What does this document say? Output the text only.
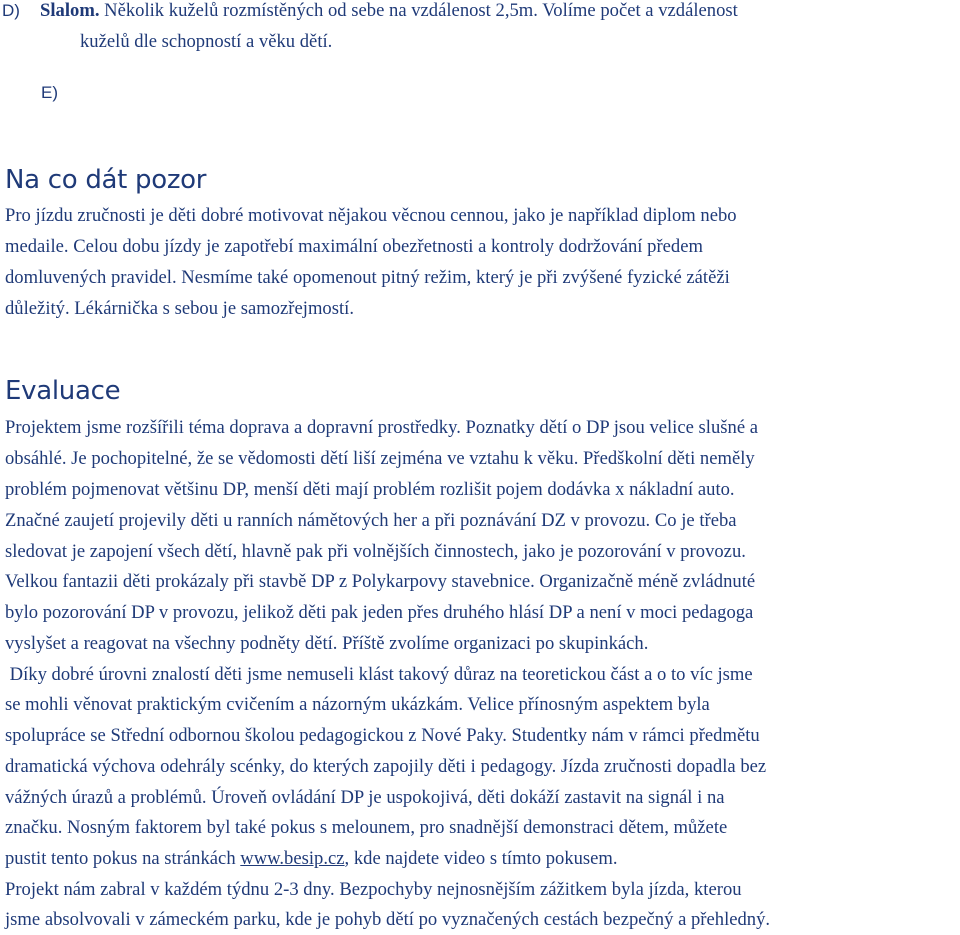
D) Slalom. Několik kuželů rozmístěných od sebe na vzdálenost 2,5m. Volíme počet a vzdálenost
kuželů dle schopností a věku dětí.
E)
Na co dát pozor
Pro jízdu zručnosti je děti dobré motivovat nějakou věcnou cennou, jako je například diplom nebo
medaile. Celou dobu jízdy je zapotřebí maximální obezřetnosti a kontroly dodržování předem
domluvených pravidel. Nesmíme také opomenout pitný režim, který je při zvýšené fyzické zátěži
důležitý. Lékárnička s sebou je samozřejmostí.
Evaluace
Projektem jsme rozšířili téma doprava a dopravní prostředky. Poznatky dětí o DP jsou velice slušné a
obsáhlé. Je pochopitelné, že se vědomosti dětí liší zejména ve vztahu k věku. Předškolní děti neměly
problém pojmenovat většinu DP, menší děti mají problém rozlišit pojem dodávka x nákladní auto.
Značné zaujetí projevily děti u ranních námětových her a při poznávání DZ v provozu. Co je třeba
sledovat je zapojení všech dětí, hlavně pak při volnějších činnostech, jako je pozorování v provozu.
Velkou fantazii děti prokázaly při stavbě DP z Polykarpovy stavebnice. Organizačně méně zvládnuté
bylo pozorování DP v provozu, jelikož děti pak jeden přes druhého hlásí DP a není v moci pedagoga
vyslyšet a reagovat na všechny podněty dětí. Příště zvolíme organizaci po skupinkách.
Díky dobré úrovni znalostí děti jsme nemuseli klást takový důraz na teoretickou část a o to víc jsme
se mohli věnovat praktickým cvičením a názorným ukázkám. Velice přínosným aspektem byla
spolupráce se Střední odbornou školou pedagogickou z Nové Paky. Studentky nám v rámci předmětu
dramatická výchova odehrály scénky, do kterých zapojily děti i pedagogy. Jízda zručnosti dopadla bez
vážných úrazů a problémů. Úroveň ovládání DP je uspokojivá, děti dokáží zastavit na signál i na
značku. Nosným faktorem byl také pokus s melounem, pro snadnější demonstraci dětem, můžete
pustit tento pokus na stránkách www.besip.cz, kde najdete video s tímto pokusem.
Projekt nám zabral v každém týdnu 2-3 dny. Bezpochyby nejnosnějším zážitkem byla jízda, kterou
jsme absolvovali v zámeckém parku, kde je pohyb dětí po vyznačených cestách bezpečný a přehledný.
